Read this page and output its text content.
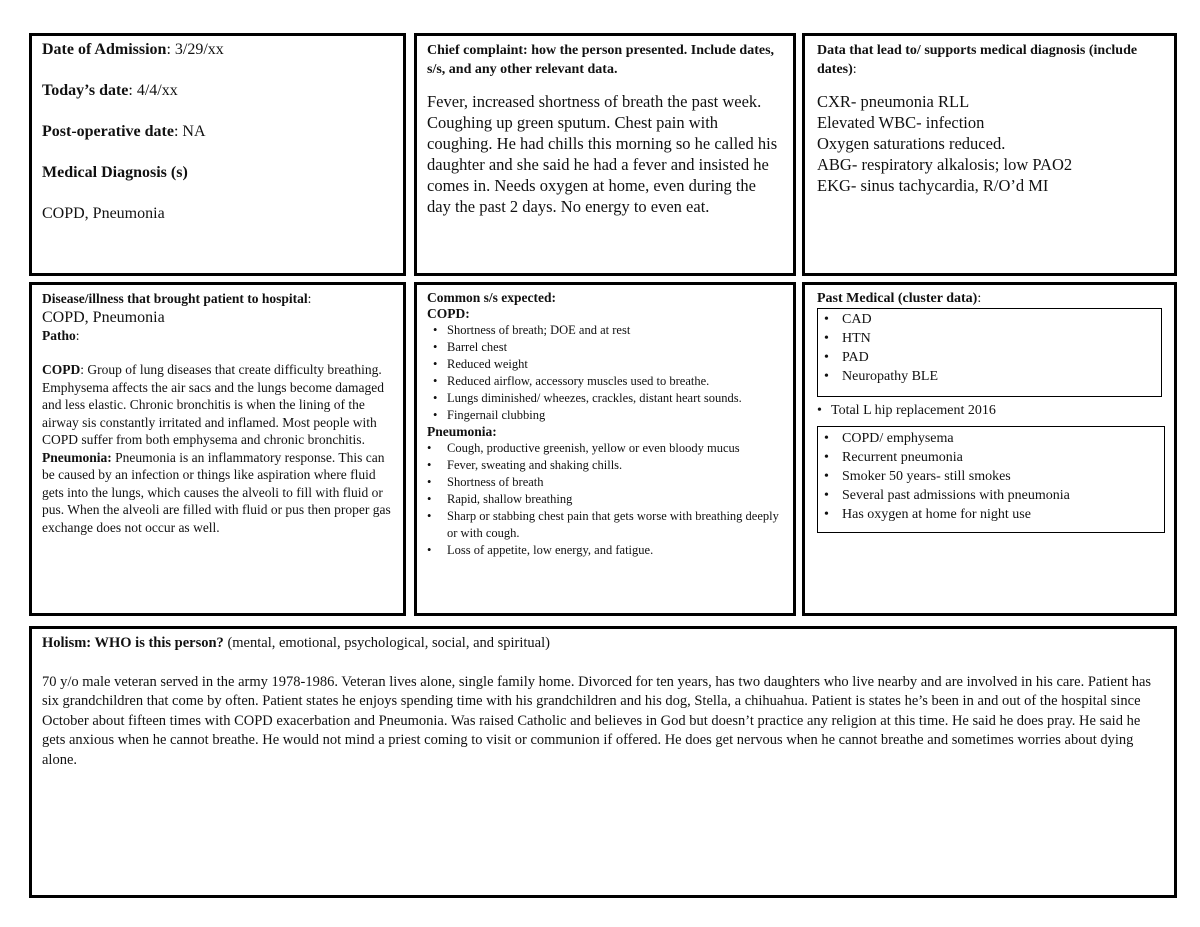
Date of Admission: 3/29/xx

Today’s date: 4/4/xx

Post-operative date: NA

Medical Diagnosis (s)

COPD, Pneumonia

Chief complaint: how the person presented. Include dates, s/s, and any other relevant data.

Fever, increased shortness of breath the past week. Coughing up green sputum. Chest pain with coughing. He had chills this morning so he called his daughter and she said he had a fever and insisted he comes in. Needs oxygen at home, even during the day the past 2 days. No energy to even eat.

Data that lead to/ supports medical diagnosis (include dates):

CXR- pneumonia RLL

Elevated WBC- infection

Oxygen saturations reduced.

ABG- respiratory alkalosis; low PAO2

EKG- sinus tachycardia, R/O’d MI

Disease/illness that brought patient to hospital:

COPD, Pneumonia

Patho:

COPD: Group of lung diseases that create difficulty breathing. Emphysema affects the air sacs and the lungs become damaged and less elastic. Chronic bronchitis is when the lining of the airway sis constantly irritated and inflamed. Most people with COPD suffer from both emphysema and chronic bronchitis.

Pneumonia: Pneumonia is an inflammatory response. This can be caused by an infection or things like aspiration where fluid gets into the lungs, which causes the alveoli to fill with fluid or pus. When the alveoli are filled with fluid or pus then proper gas exchange does not occur as well.

Common s/s expected:

COPD:

• Shortness of breath; DOE and at rest
• Barrel chest
• Reduced weight
• Reduced airflow, accessory muscles used to breathe.
• Lungs diminished/ wheezes, crackles, distant heart sounds.
• Fingernail clubbing

Pneumonia:

• Cough, productive greenish, yellow or even bloody mucus
• Fever, sweating and shaking chills.
• Shortness of breath
• Rapid, shallow breathing
• Sharp or stabbing chest pain that gets worse with breathing deeply or with cough.
• Loss of appetite, low energy, and fatigue.

Past Medical (cluster data):

• CAD
• HTN
• PAD
• Neuropathy BLE
• Total L hip replacement 2016
• COPD/ emphysema
• Recurrent pneumonia
• Smoker 50 years- still smokes
• Several past admissions with pneumonia
• Has oxygen at home for night use

Holism: WHO is this person? (mental, emotional, psychological, social, and spiritual)

70 y/o male veteran served in the army 1978-1986. Veteran lives alone, single family home. Divorced for ten years, has two daughters who live nearby and are involved in his care. Patient has six grandchildren that come by often. Patient states he enjoys spending time with his grandchildren and his dog, Stella, a chihuahua. Patient is states he’s been in and out of the hospital since October about fifteen times with COPD exacerbation and Pneumonia. Was raised Catholic and believes in God but doesn’t practice any religion at this time. He said he does pray. He said he gets anxious when he cannot breathe. He would not mind a priest coming to visit or communion if offered. He does get nervous when he cannot breathe and sometimes worries about dying alone.
